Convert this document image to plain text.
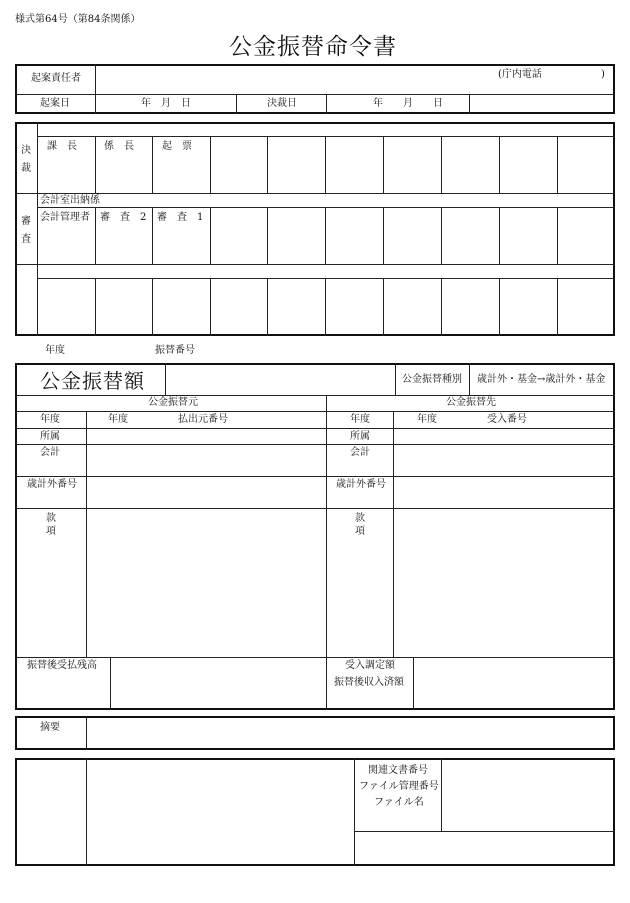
様式第64号（第84条関係）
公金振替命令書
起案責任者	(庁内電話	)
起案日	年　月　日	決裁日	年　　月　　日
決
裁
課　長	係　長	起　票
審
査
会計室出納係
会計管理者 審　査　2 審　査　1
年度	振替番号
公金振替額	公金振替種別 歳計外・基金→歳計外・基金
公金振替元	公金振替先
年度	年度	払出元番号	年度	年度	受入番号
所属	所属
会計	会計
歳計外番号	歳計外番号
款
項
款
項
振替後受払残高	受入調定額
振替後収入済額
摘要
関連文書番号
ファイル管理番号
ファイル名
